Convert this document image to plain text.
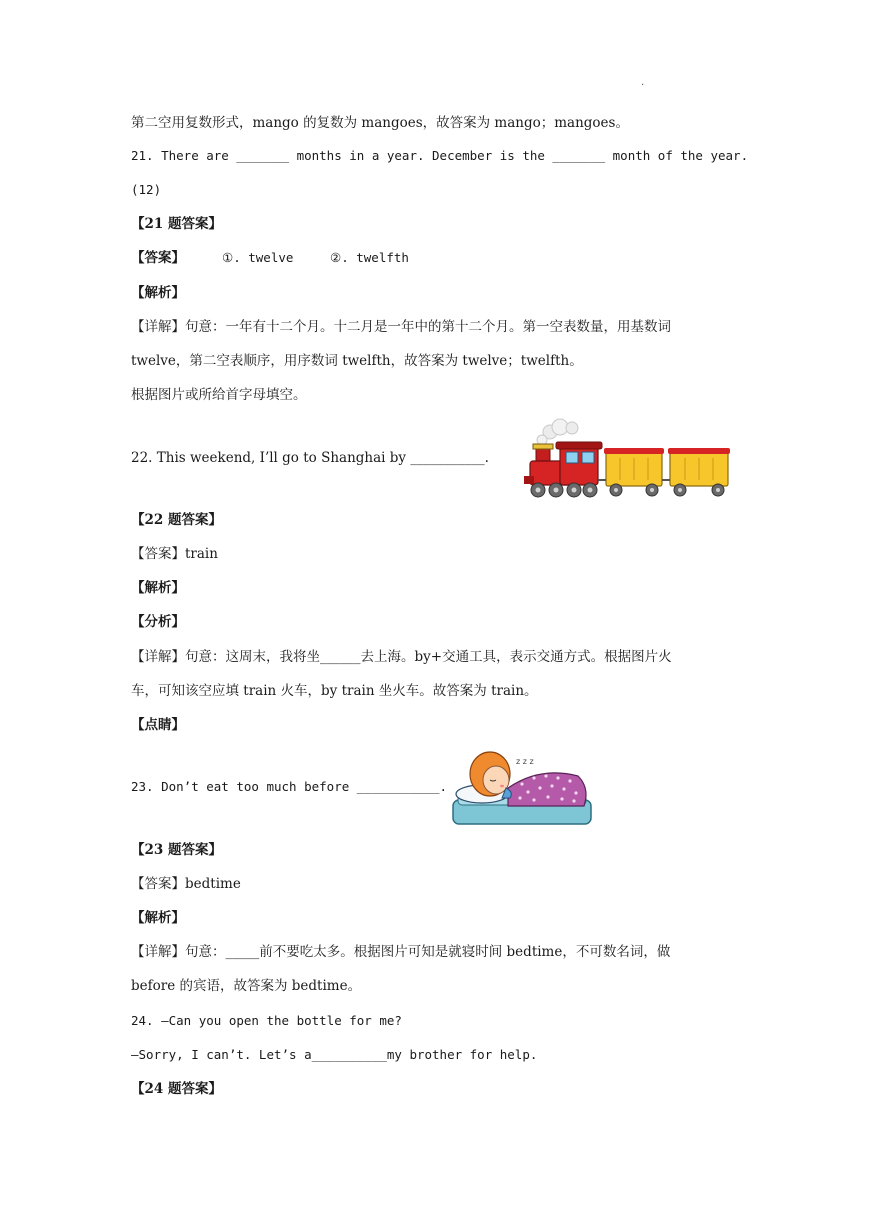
·
第二空用复数形式，mango 的复数为 mangoes，故答案为 mango；mangoes。
21. There are _______ months in a year. December is the _______ month of the year.
(12)
【21 题答案】
【答案】	①. twelve	②. twelfth
【解析】
【详解】句意：一年有十二个月。十二月是一年中的第十二个月。第一空表数量，用基数词
twelve，第二空表顺序，用序数词 twelfth，故答案为 twelve；twelfth。
根据图片或所给首字母填空。
22. This weekend, I’ll go to Shanghai by ___________.
【22 题答案】
【答案】train
【解析】
【分析】
【详解】句意：这周末，我将坐______去上海。by+交通工具，表示交通方式。根据图片火
车，可知该空应填 train 火车，by train 坐火车。故答案为 train。
【点睛】
23. Don’t eat too much before ___________.
z z z
【23 题答案】
【答案】bedtime
【解析】
【详解】句意：_____前不要吃太多。根据图片可知是就寝时间 bedtime，不可数名词，做
before 的宾语，故答案为 bedtime。
24. —Can you open the bottle for me?
—Sorry, I can’t. Let’s a__________my brother for help.
【24 题答案】
